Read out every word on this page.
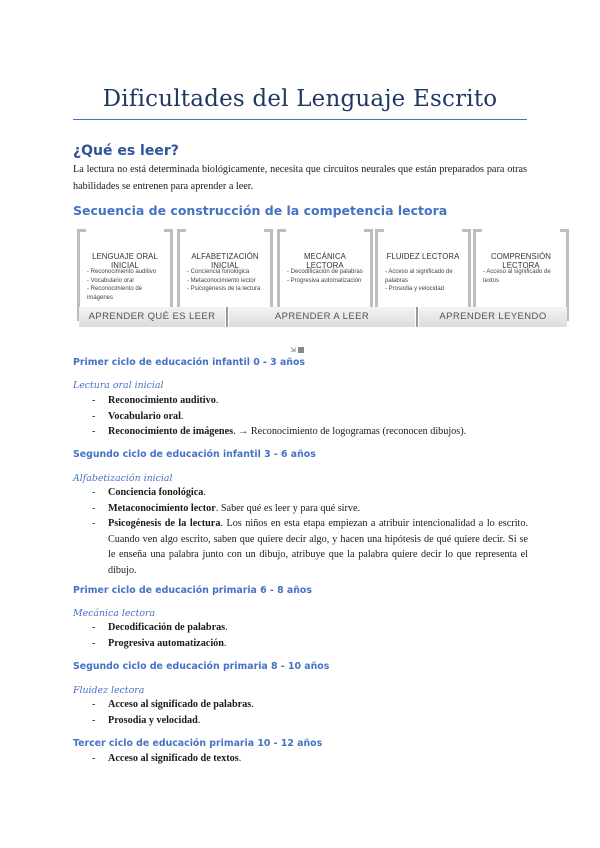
Dificultades del Lenguaje Escrito
¿Qué es leer?
La lectura no está determinada biológicamente, necesita que circuitos neurales que están preparados para otras habilidades se entrenen para aprender a leer.
Secuencia de construcción de la competencia lectora
LENGUAJE ORAL INICIAL
- Reconocimiento auditivo
- Vocabulario oral
- Reconocimiento de imágenes
ALFABETIZACIÓN INICIAL
- Conciencia fonológica
- Metaconocimiento lector
- Psicogénesis de la lectura
MECÁNICA LECTORA
- Decodificación de palabras
- Progresiva automatización
FLUIDEZ LECTORA
- Acceso al significado de palabras
- Prosodia y velocidad
COMPRENSIÓN LECTORA
- Acceso al significado de textos
APRENDER QUÉ ES LEER	APRENDER A LEER	APRENDER LEYENDO
⇲
Primer ciclo de educación infantil 0 - 3 años
Lectura oral inicial
- Reconocimiento auditivo.
- Vocabulario oral.
- Reconocimiento de imágenes. → Reconocimiento de logogramas (reconocen dibujos).
Segundo ciclo de educación infantil 3 - 6 años
Alfabetización inicial
- Conciencia fonológica.
- Metaconocimiento lector. Saber qué es leer y para qué sirve.
- Psicogénesis de la lectura. Los niños en esta etapa empiezan a atribuir intencionalidad a lo escrito. Cuando ven algo escrito, saben que quiere decir algo, y hacen una hipótesis de qué quiere decir. Si se le enseña una palabra junto con un dibujo, atribuye que la palabra quiere decir lo que representa el dibujo.
Primer ciclo de educación primaria 6 - 8 años
Mecánica lectora
- Decodificación de palabras.
- Progresiva automatización.
Segundo ciclo de educación primaria 8 - 10 años
Fluidez lectora
- Acceso al significado de palabras.
- Prosodia y velocidad.
Tercer ciclo de educación primaria 10 - 12 años
- Acceso al significado de textos.
